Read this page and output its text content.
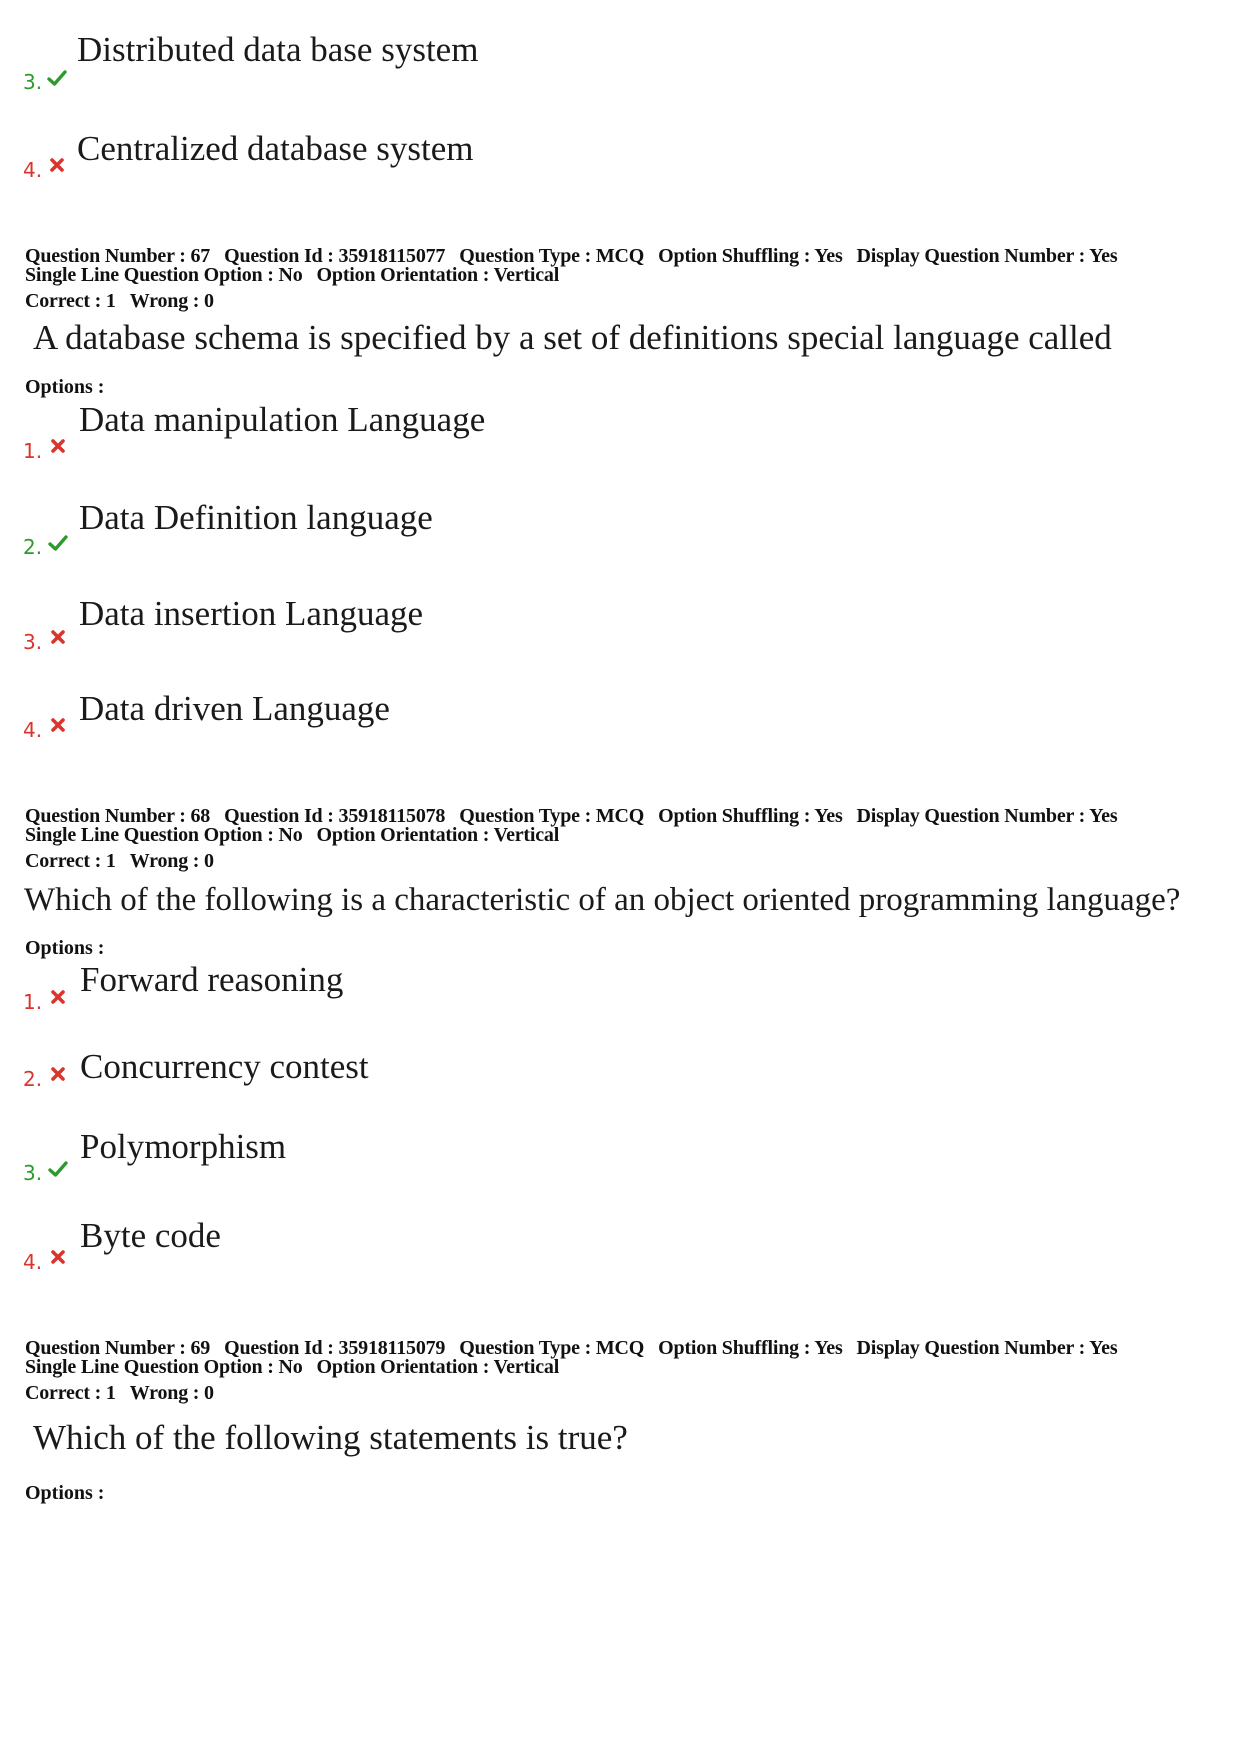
3.
Distributed data base system
4.
Centralized database system
Question Number : 67 Question Id : 35918115077 Question Type : MCQ Option Shuffling : Yes Display Question Number : Yes
Single Line Question Option : No Option Orientation : Vertical
Correct : 1 Wrong : 0
A database schema is specified by a set of definitions special language called
Options :
1.
Data manipulation Language
2.
Data Definition language
3.
Data insertion Language
4.
Data driven Language
Question Number : 68 Question Id : 35918115078 Question Type : MCQ Option Shuffling : Yes Display Question Number : Yes
Single Line Question Option : No Option Orientation : Vertical
Correct : 1 Wrong : 0
Which of the following is a characteristic of an object oriented programming language?
Options :
1.
Forward reasoning
2. Concurrency contest
3.
Polymorphism
4.
Byte code
Question Number : 69 Question Id : 35918115079 Question Type : MCQ Option Shuffling : Yes Display Question Number : Yes
Single Line Question Option : No Option Orientation : Vertical
Correct : 1 Wrong : 0
Which of the following statements is true?
Options :
